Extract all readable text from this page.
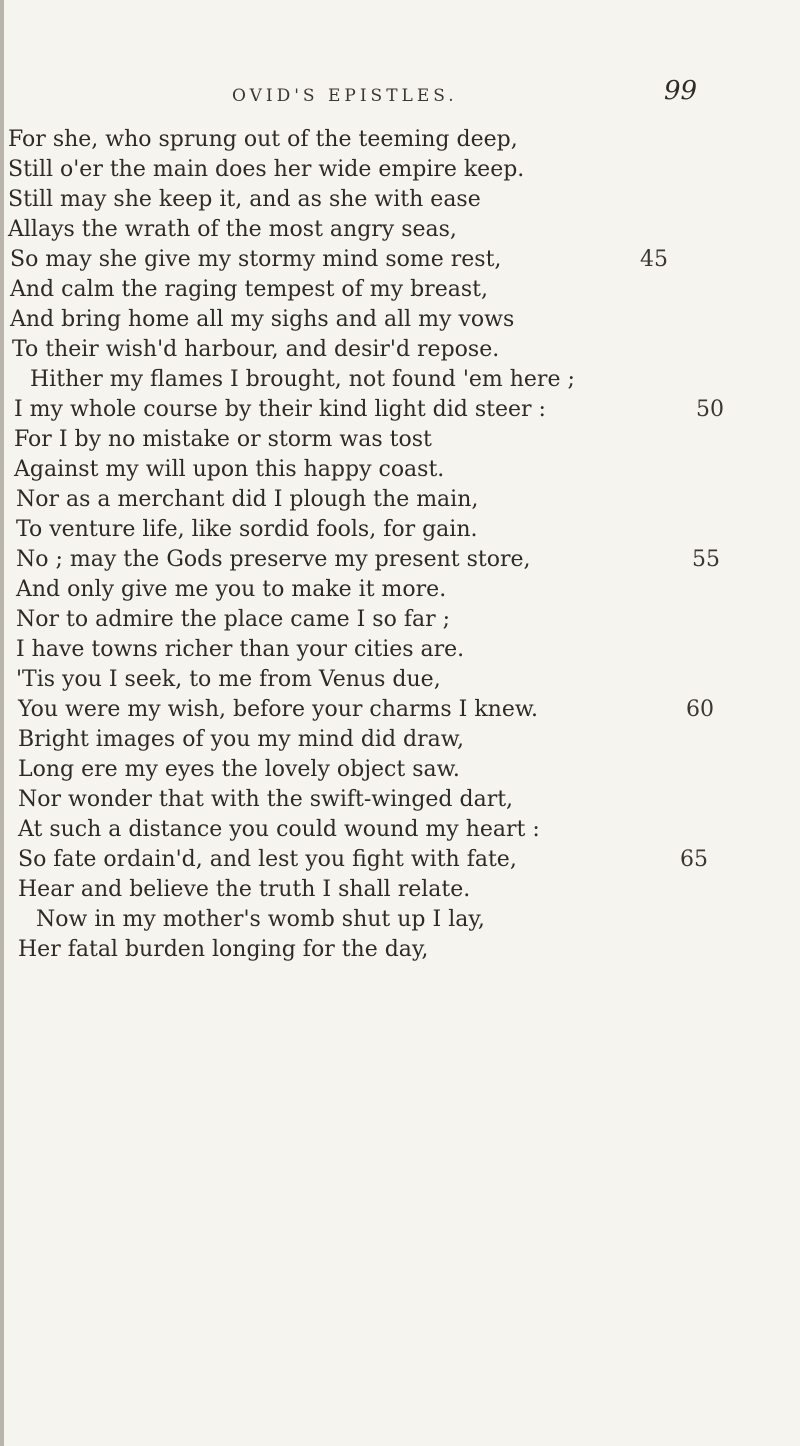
OVID'S EPISTLES.	99
For she, who sprung out of the teeming deep,
Still o'er the main does her wide empire keep.
Still may she keep it, and as she with ease
Allays the wrath of the most angry seas,
So may she give my stormy mind some rest,	45
And calm the raging tempest of my breast,
And bring home all my sighs and all my vows
To their wish'd harbour, and desir'd repose.
Hither my flames I brought, not found 'em here ;
I my whole course by their kind light did steer :	50
For I by no mistake or storm was tost
Against my will upon this happy coast.
Nor as a merchant did I plough the main,
To venture life, like sordid fools, for gain.
No ; may the Gods preserve my present store,	55
And only give me you to make it more.
Nor to admire the place came I so far ;
I have towns richer than your cities are.
'Tis you I seek, to me from Venus due,
You were my wish, before your charms I knew.	60
Bright images of you my mind did draw,
Long ere my eyes the lovely object saw.
Nor wonder that with the swift-winged dart,
At such a distance you could wound my heart :
So fate ordain'd, and lest you fight with fate,	65
Hear and believe the truth I shall relate.
Now in my mother's womb shut up I lay,
Her fatal burden longing for the day,
